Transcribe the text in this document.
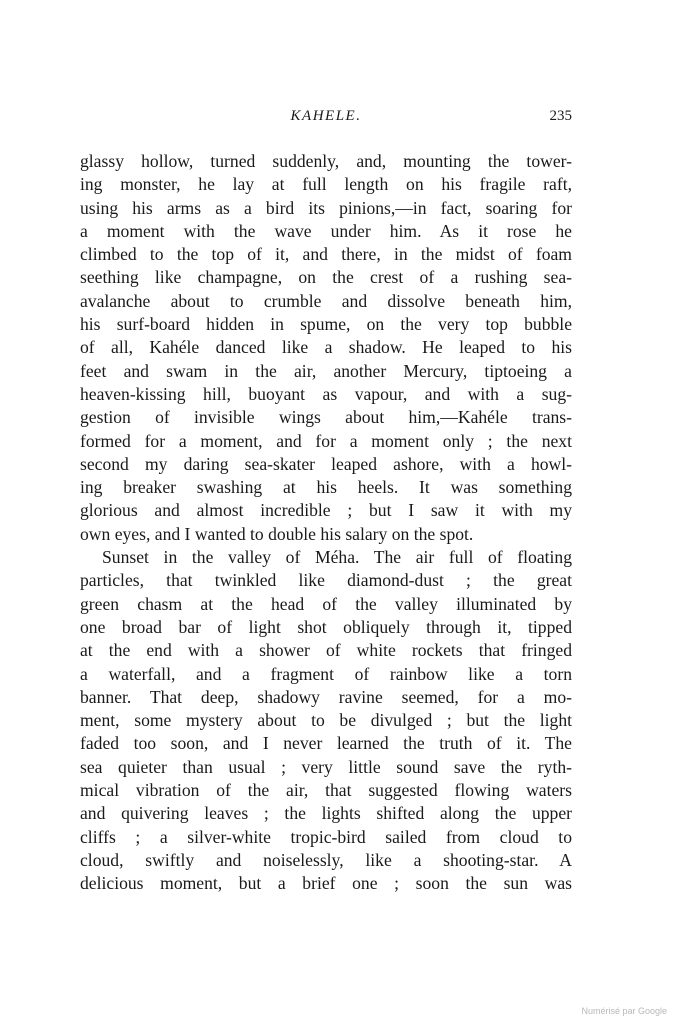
KAHELE.	235
glassy hollow, turned suddenly, and, mounting the tower-
ing monster, he lay at full length on his fragile raft,
using his arms as a bird its pinions,—in fact, soaring for
a moment with the wave under him. As it rose he
climbed to the top of it, and there, in the midst of foam
seething like champagne, on the crest of a rushing sea-
avalanche about to crumble and dissolve beneath him,
his surf-board hidden in spume, on the very top bubble
of all, Kahéle danced like a shadow. He leaped to his
feet and swam in the air, another Mercury, tiptoeing a
heaven-kissing hill, buoyant as vapour, and with a sug-
gestion of invisible wings about him,—Kahéle trans-
formed for a moment, and for a moment only ; the next
second my daring sea-skater leaped ashore, with a howl-
ing breaker swashing at his heels. It was something
glorious and almost incredible ; but I saw it with my
own eyes, and I wanted to double his salary on the spot.
Sunset in the valley of Méha. The air full of floating
particles, that twinkled like diamond-dust ; the great
green chasm at the head of the valley illuminated by
one broad bar of light shot obliquely through it, tipped
at the end with a shower of white rockets that fringed
a waterfall, and a fragment of rainbow like a torn
banner. That deep, shadowy ravine seemed, for a mo-
ment, some mystery about to be divulged ; but the light
faded too soon, and I never learned the truth of it. The
sea quieter than usual ; very little sound save the ryth-
mical vibration of the air, that suggested flowing waters
and quivering leaves ; the lights shifted along the upper
cliffs ; a silver-white tropic-bird sailed from cloud to
cloud, swiftly and noiselessly, like a shooting-star. A
delicious moment, but a brief one ; soon the sun was
Numérisé par Google
